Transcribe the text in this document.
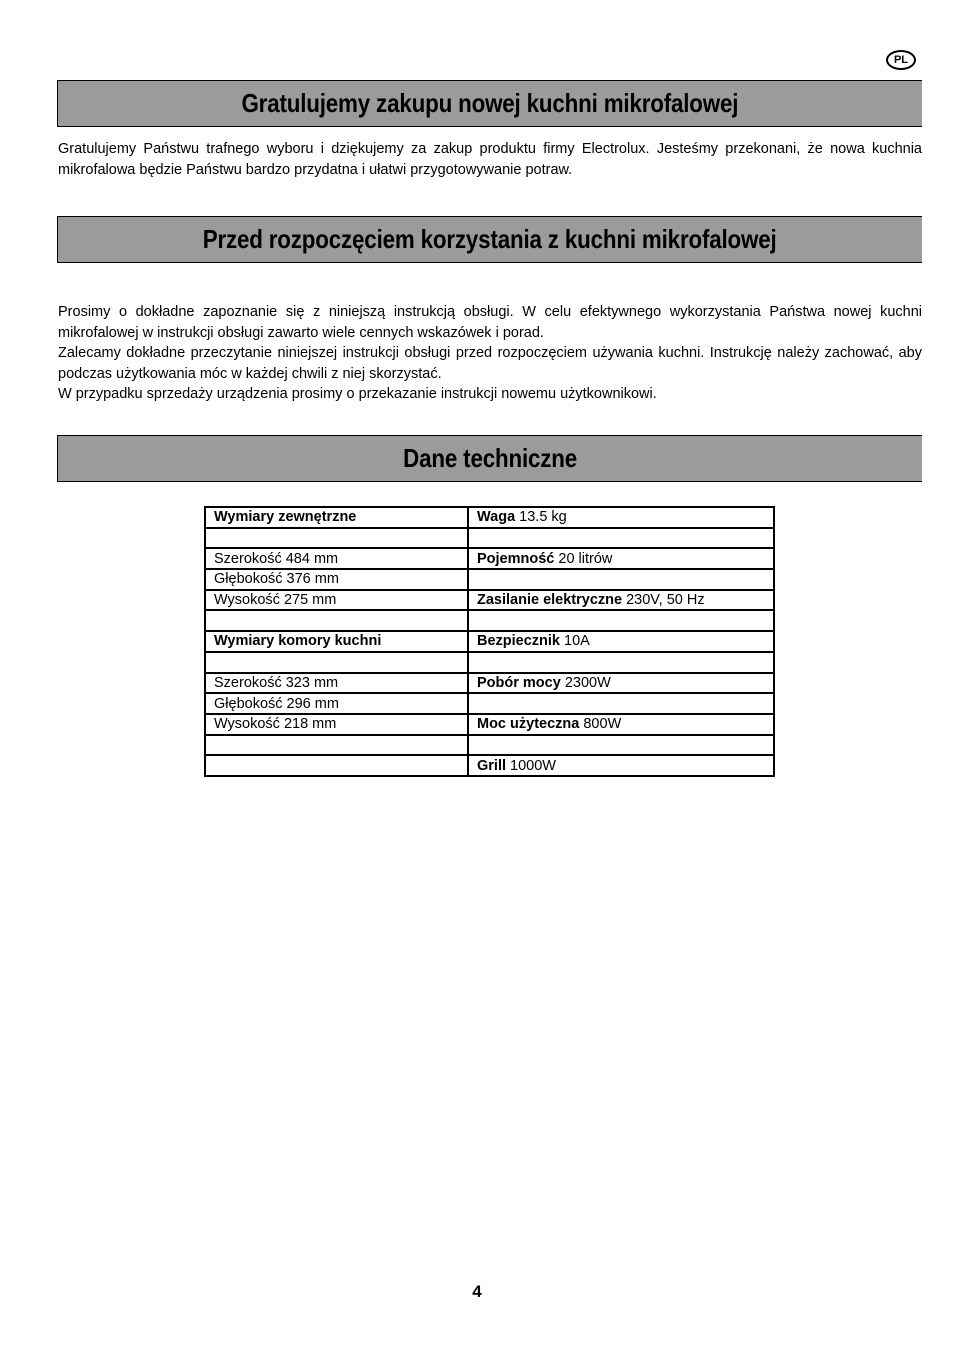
PL
Gratulujemy zakupu nowej kuchni mikrofalowej

Gratulujemy Państwu trafnego wyboru i dziękujemy za zakup produktu firmy Electrolux. Jesteśmy przekonani, że nowa kuchnia mikrofalowa będzie Państwu bardzo przydatna i ułatwi przygotowywanie potraw.

Przed rozpoczęciem korzystania z kuchni mikrofalowej

Prosimy o dokładne zapoznanie się z niniejszą instrukcją obsługi. W celu efektywnego wykorzystania Państwa nowej kuchni mikrofalowej w instrukcji obsługi zawarto wiele cennych wskazówek i porad.

Zalecamy dokładne przeczytanie niniejszej instrukcji obsługi przed rozpoczęciem używania kuchni. Instrukcję należy zachować, aby podczas użytkowania móc w każdej chwili z niej skorzystać.

W przypadku sprzedaży urządzenia prosimy o przekazanie instrukcji nowemu użytkownikowi.

Dane techniczne
Wymiary zewnętrzne	Waga 13.5 kg

Szerokość 484 mm	Pojemność 20 litrów
Głębokość 376 mm	
Wysokość 275 mm	Zasilanie elektryczne 230V, 50 Hz

Wymiary komory kuchni	Bezpiecznik 10A

Szerokość 323 mm	Pobór mocy 2300W
Głębokość 296 mm	
Wysokość 218 mm	Moc użyteczna 800W

	Grill 1000W
4
